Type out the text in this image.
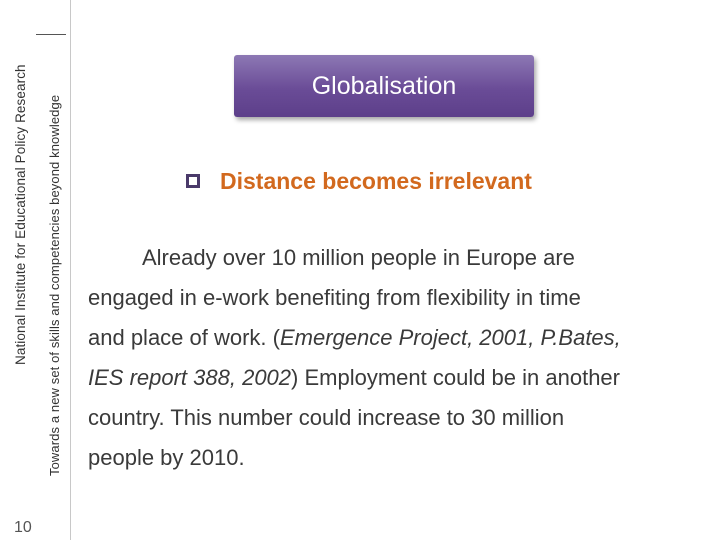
National Institute for Educational Policy Research Towards a new set of skills and competencies beyond knowledge
10
Globalisation
Distance becomes irrelevant
Already over 10 million people in Europe are
engaged in e-work benefiting from flexibility in time
and place of work. (Emergence Project, 2001, P.Bates,
IES report 388, 2002) Employment could be in another
country. This number could increase to 30 million
people by 2010.
